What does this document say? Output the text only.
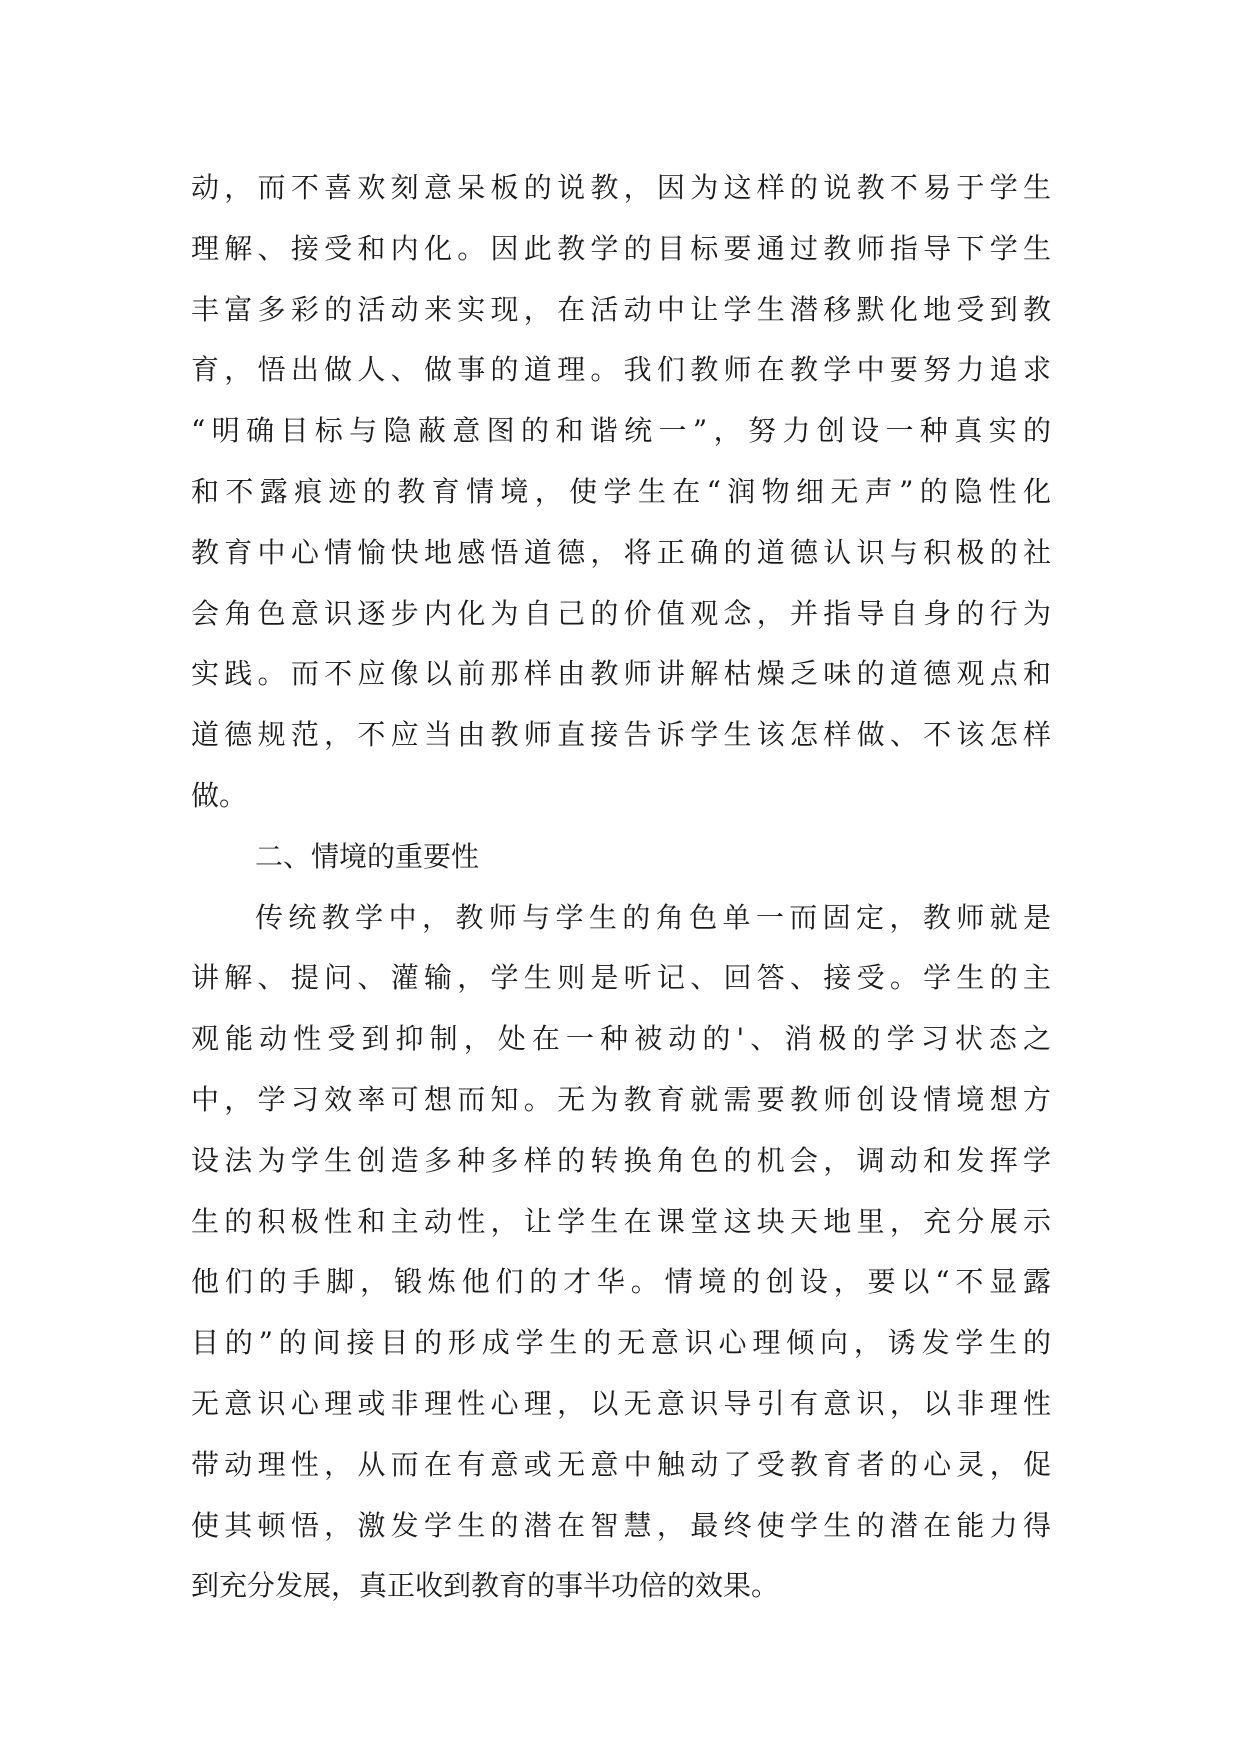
动，而不喜欢刻意呆板的说教，因为这样的说教不易于学生
理解、接受和内化。因此教学的目标要通过教师指导下学生
丰富多彩的活动来实现，在活动中让学生潜移默化地受到教
育，悟出做人、做事的道理。我们教师在教学中要努力追求
“明确目标与隐蔽意图的和谐统一”，努力创设一种真实的
和不露痕迹的教育情境，使学生在“润物细无声”的隐性化
教育中心情愉快地感悟道德，将正确的道德认识与积极的社
会角色意识逐步内化为自己的价值观念，并指导自身的行为
实践。而不应像以前那样由教师讲解枯燥乏味的道德观点和
道德规范，不应当由教师直接告诉学生该怎样做、不该怎样
做。
二、情境的重要性
传统教学中，教师与学生的角色单一而固定，教师就是
讲解、提问、灌输，学生则是听记、回答、接受。学生的主
观能动性受到抑制，处在一种被动的'、消极的学习状态之
中，学习效率可想而知。无为教育就需要教师创设情境想方
设法为学生创造多种多样的转换角色的机会，调动和发挥学
生的积极性和主动性，让学生在课堂这块天地里，充分展示
他们的手脚，锻炼他们的才华。情境的创设，要以“不显露
目的”的间接目的形成学生的无意识心理倾向，诱发学生的
无意识心理或非理性心理，以无意识导引有意识，以非理性
带动理性，从而在有意或无意中触动了受教育者的心灵，促
使其顿悟，激发学生的潜在智慧，最终使学生的潜在能力得
到充分发展，真正收到教育的事半功倍的效果。
